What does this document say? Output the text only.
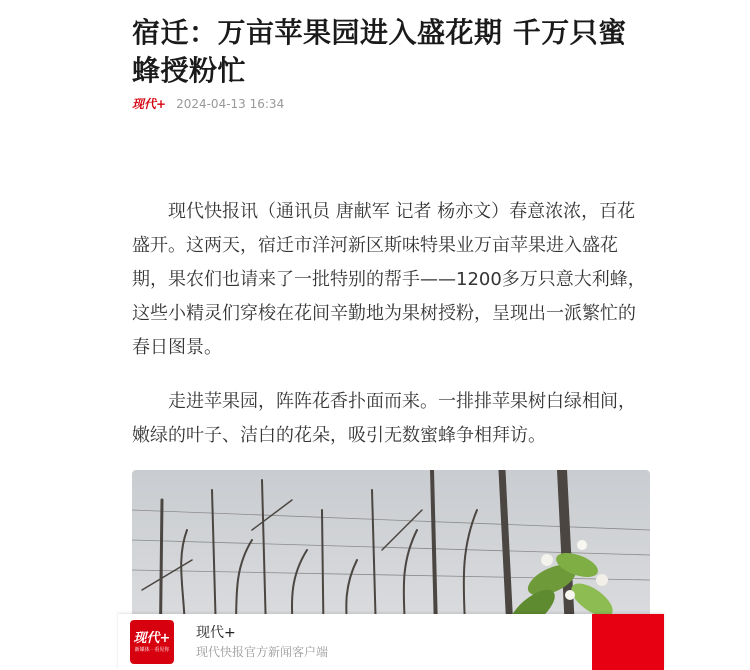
宿迁：万亩苹果园进入盛花期 千万只蜜蜂授粉忙
现代+ 2024-04-13 16:34

现代快报讯（通讯员 唐献军 记者 杨亦文）春意浓浓，百花盛开。这两天，宿迁市洋河新区斯味特果业万亩苹果进入盛花期，果农们也请来了一批特别的帮手——1200多万只意大利蜂，这些小精灵们穿梭在花间辛勤地为果树授粉，呈现出一派繁忙的春日图景。

走进苹果园，阵阵花香扑面而来。一排排苹果树白绿相间，嫩绿的叶子、洁白的花朵，吸引无数蜜蜂争相拜访。

现代+
新媒体 · 看见你
现代+
现代快报官方新闻客户端
